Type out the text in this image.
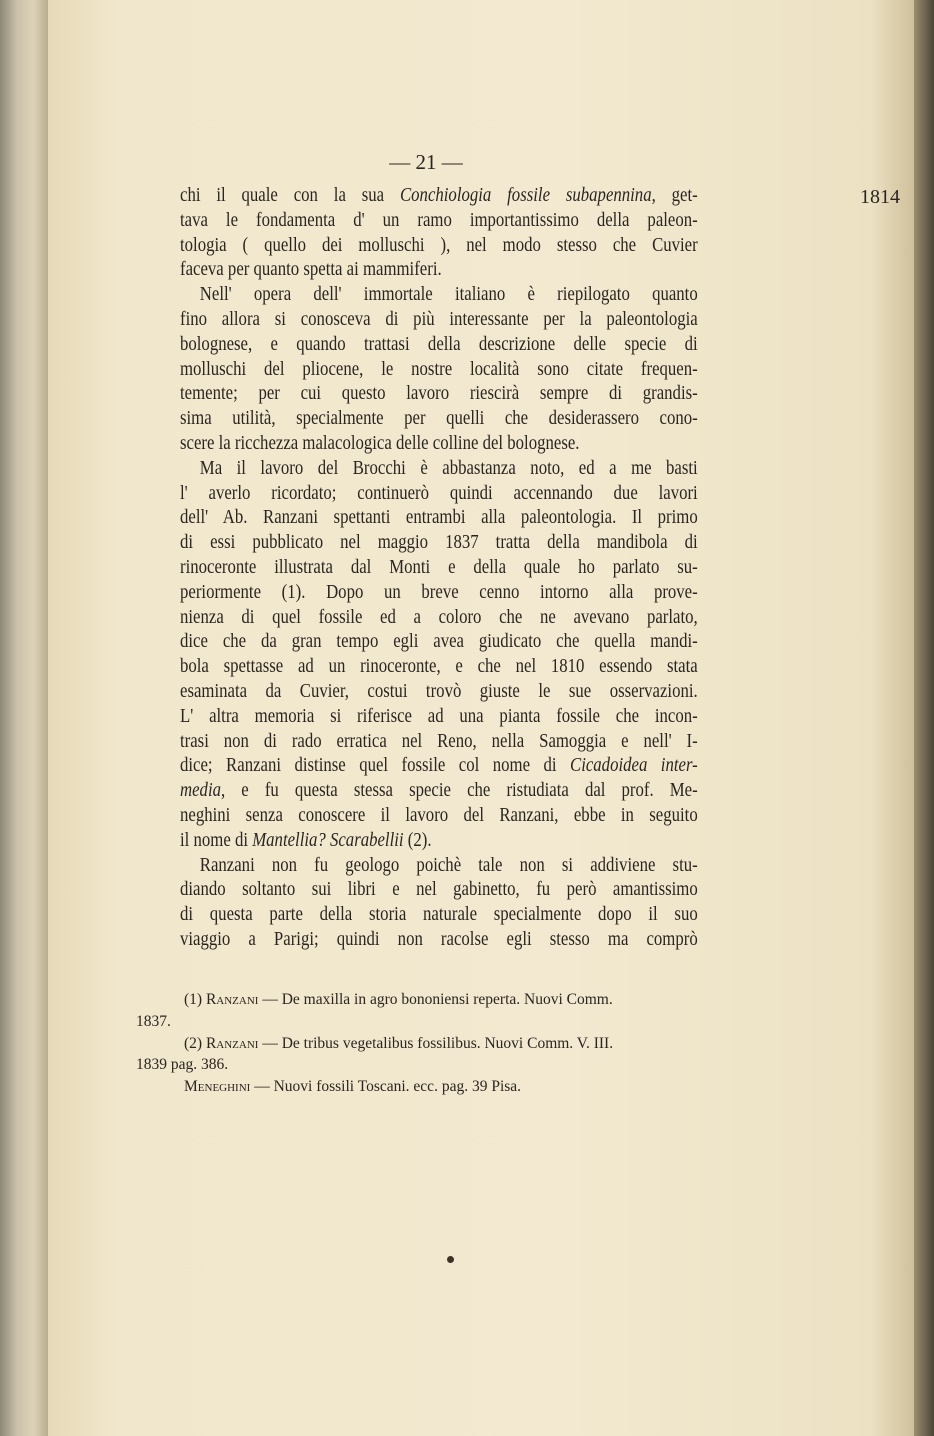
— 21 —
1814
chi il quale con la sua Conchiologia fossile subapennina, get-
tava le fondamenta d' un ramo importantissimo della paleon-
tologia ( quello dei molluschi ), nel modo stesso che Cuvier
faceva per quanto spetta ai mammiferi.
Nell' opera dell' immortale italiano è riepilogato quanto
fino allora si conosceva di più interessante per la paleontologia
bolognese, e quando trattasi della descrizione delle specie di
molluschi del pliocene, le nostre località sono citate frequen-
temente; per cui questo lavoro riescirà sempre di grandis-
sima utilità, specialmente per quelli che desiderassero cono-
scere la ricchezza malacologica delle colline del bolognese.
Ma il lavoro del Brocchi è abbastanza noto, ed a me basti
l' averlo ricordato; continuerò quindi accennando due lavori
dell' Ab. Ranzani spettanti entrambi alla paleontologia. Il primo
di essi pubblicato nel maggio 1837 tratta della mandibola di
rinoceronte illustrata dal Monti e della quale ho parlato su-
periormente (1). Dopo un breve cenno intorno alla prove-
nienza di quel fossile ed a coloro che ne avevano parlato,
dice che da gran tempo egli avea giudicato che quella mandi-
bola spettasse ad un rinoceronte, e che nel 1810 essendo stata
esaminata da Cuvier, costui trovò giuste le sue osservazioni.
L' altra memoria si riferisce ad una pianta fossile che incon-
trasi non di rado erratica nel Reno, nella Samoggia e nell' I-
dice; Ranzani distinse quel fossile col nome di Cicadoidea inter-
media, e fu questa stessa specie che ristudiata dal prof. Me-
neghini senza conoscere il lavoro del Ranzani, ebbe in seguito
il nome di Mantellia? Scarabellii (2).
Ranzani non fu geologo poichè tale non si addiviene stu-
diando soltanto sui libri e nel gabinetto, fu però amantissimo
di questa parte della storia naturale specialmente dopo il suo
viaggio a Parigi; quindi non racolse egli stesso ma comprò
(1) Ranzani — De maxilla in agro bononiensi reperta. Nuovi Comm.
1837.
(2) Ranzani — De tribus vegetalibus fossilibus. Nuovi Comm. V. III.
1839 pag. 386.
Meneghini — Nuovi fossili Toscani. ecc. pag. 39 Pisa.
